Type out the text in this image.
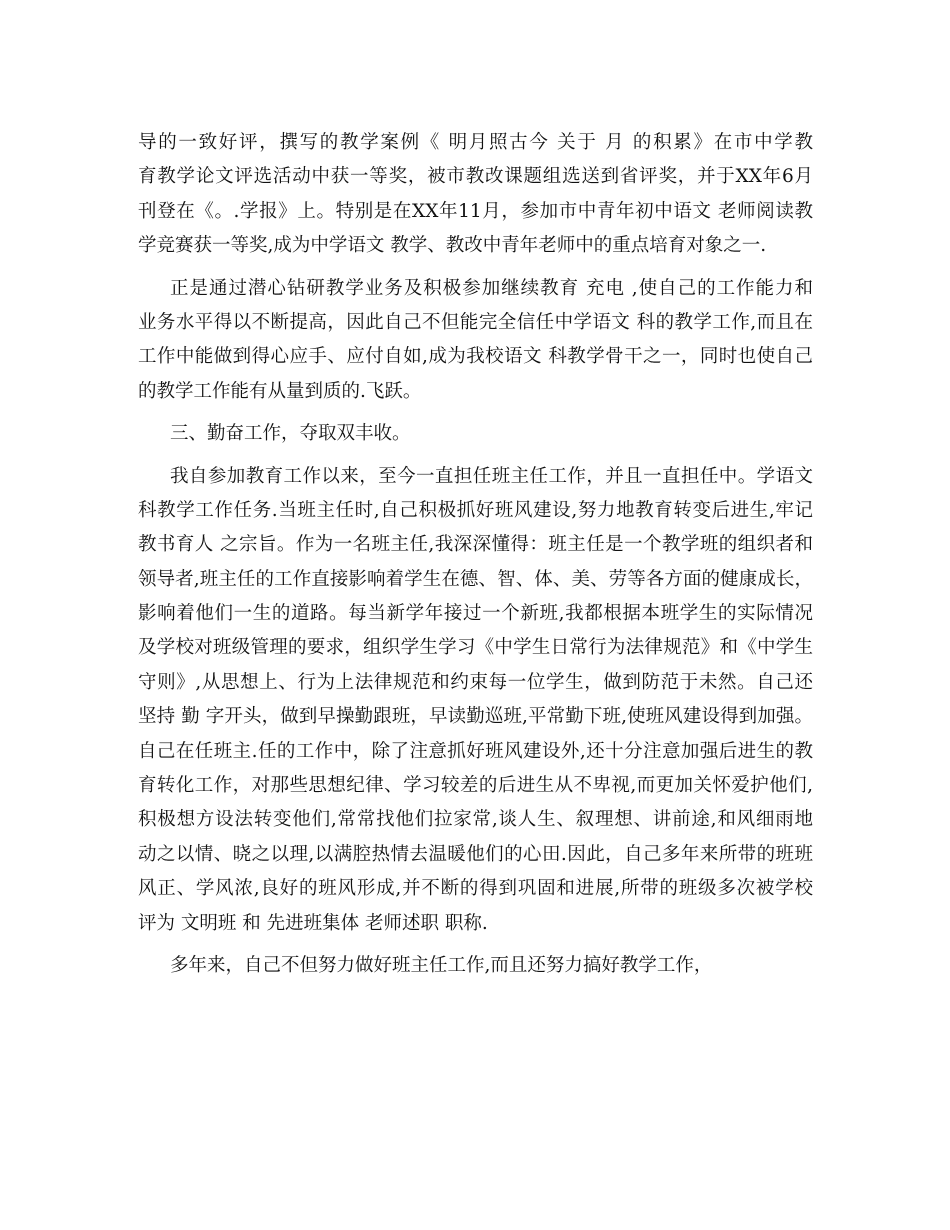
导的一致好评，撰写的教学案例《 明月照古今 关于 月 的积累》在市中学教
育教学论文评选活动中获一等奖，被市教改课题组选送到省评奖，并于XX年6月
刊登在《。.学报》上。特别是在XX年11月，参加市中青年初中语文 老师阅读教
学竞赛获一等奖,成为中学语文 教学、教改中青年老师中的重点培育对象之一.
正是通过潜心钻研教学业务及积极参加继续教育 充电 ,使自己的工作能力和
业务水平得以不断提高，因此自己不但能完全信任中学语文 科的教学工作,而且在
工作中能做到得心应手、应付自如,成为我校语文 科教学骨干之一，同时也使自己
的教学工作能有从量到质的.飞跃。
三、勤奋工作，夺取双丰收。
我自参加教育工作以来，至今一直担任班主任工作，并且一直担任中。学语文
科教学工作任务.当班主任时,自己积极抓好班风建设,努力地教育转变后进生,牢记
教书育人 之宗旨。作为一名班主任,我深深懂得：班主任是一个教学班的组织者和
领导者,班主任的工作直接影响着学生在德、智、体、美、劳等各方面的健康成长，
影响着他们一生的道路。每当新学年接过一个新班,我都根据本班学生的实际情况
及学校对班级管理的要求，组织学生学习《中学生日常行为法律规范》和《中学生
守则》,从思想上、行为上法律规范和约束每一位学生，做到防范于未然。自己还
坚持 勤 字开头，做到早操勤跟班，早读勤巡班,平常勤下班,使班风建设得到加强。
自己在任班主.任的工作中，除了注意抓好班风建设外,还十分注意加强后进生的教
育转化工作，对那些思想纪律、学习较差的后进生从不卑视,而更加关怀爱护他们,
积极想方设法转变他们,常常找他们拉家常,谈人生、叙理想、讲前途,和风细雨地
动之以情、晓之以理,以满腔热情去温暖他们的心田.因此，自己多年来所带的班班
风正、学风浓,良好的班风形成,并不断的得到巩固和进展,所带的班级多次被学校
评为 文明班 和 先进班集体 老师述职 职称.
多年来，自己不但努力做好班主任工作,而且还努力搞好教学工作，
